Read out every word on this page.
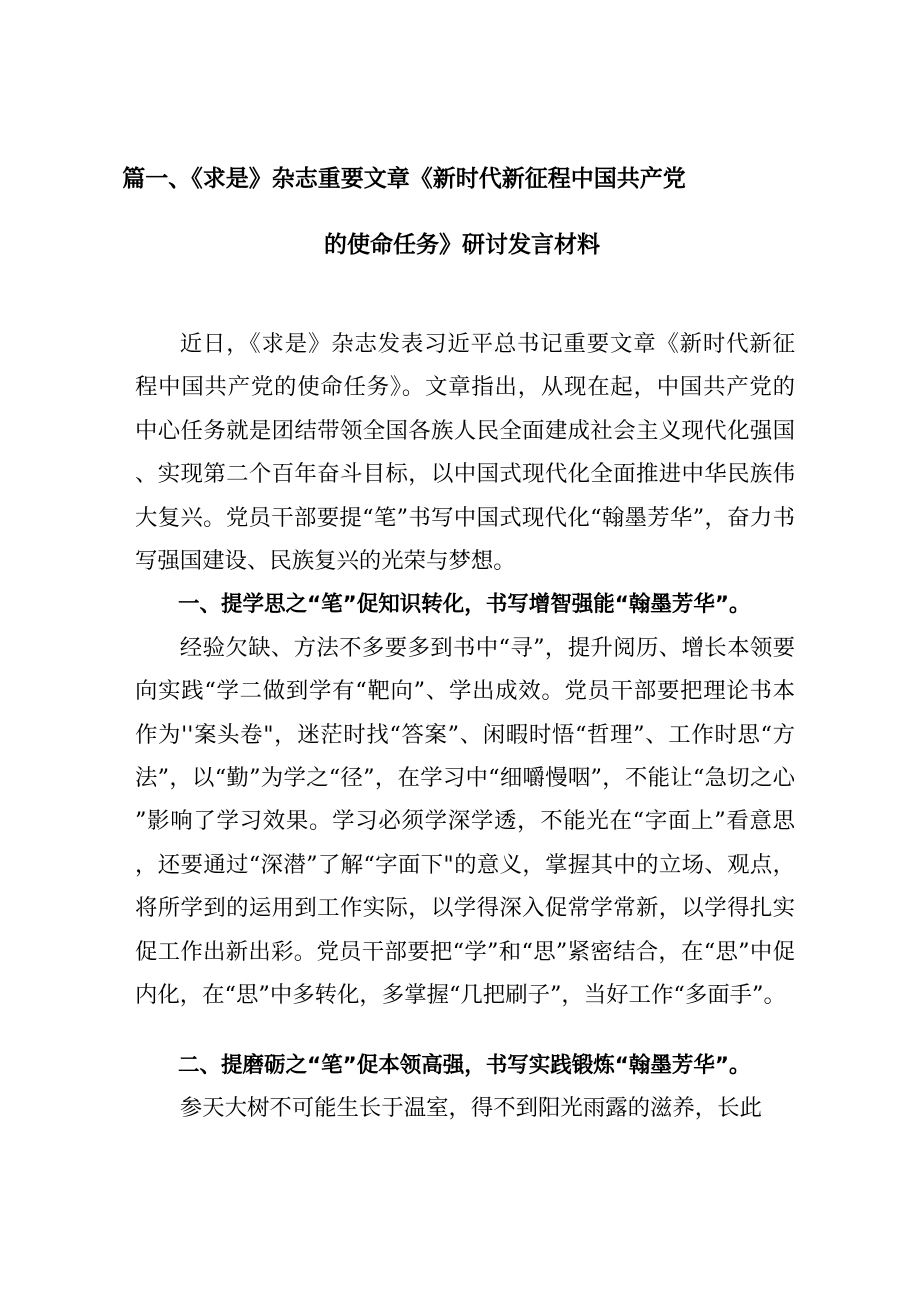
篇一、《求是》杂志重要文章《新时代新征程中国共产党
的使命任务》研讨发言材料

近日，《求是》杂志发表习近平总书记重要文章《新时代新征程中国共产党的使命任务》。文章指出，从现在起，中国共产党的中心任务就是团结带领全国各族人民全面建成社会主义现代化强国、实现第二个百年奋斗目标，以中国式现代化全面推进中华民族伟大复兴。党员干部要提“笔”书写中国式现代化“翰墨芳华”，奋力书写强国建设、民族复兴的光荣与梦想。

一、提学思之“笔”促知识转化，书写增智强能“翰墨芳华”。

经验欠缺、方法不多要多到书中“寻”，提升阅历、增长本领要向实践“学二做到学有“靶向”、学出成效。党员干部要把理论书本作为''案头卷"，迷茫时找“答案”、闲暇时悟“哲理”、工作时思“方法”，以“勤”为学之“径”，在学习中“细嚼慢咽”，不能让“急切之心”影响了学习效果。学习必须学深学透，不能光在“字面上”看意思，还要通过“深潜”了解“字面下"的意义，掌握其中的立场、观点，将所学到的运用到工作实际，以学得深入促常学常新，以学得扎实促工作出新出彩。党员干部要把“学”和“思”紧密结合，在“思”中促内化，在“思”中多转化，多掌握“几把刷子”，当好工作“多面手”。

二、提磨砺之“笔”促本领高强，书写实践锻炼“翰墨芳华”。

参天大树不可能生长于温室，得不到阳光雨露的滋养，长此
